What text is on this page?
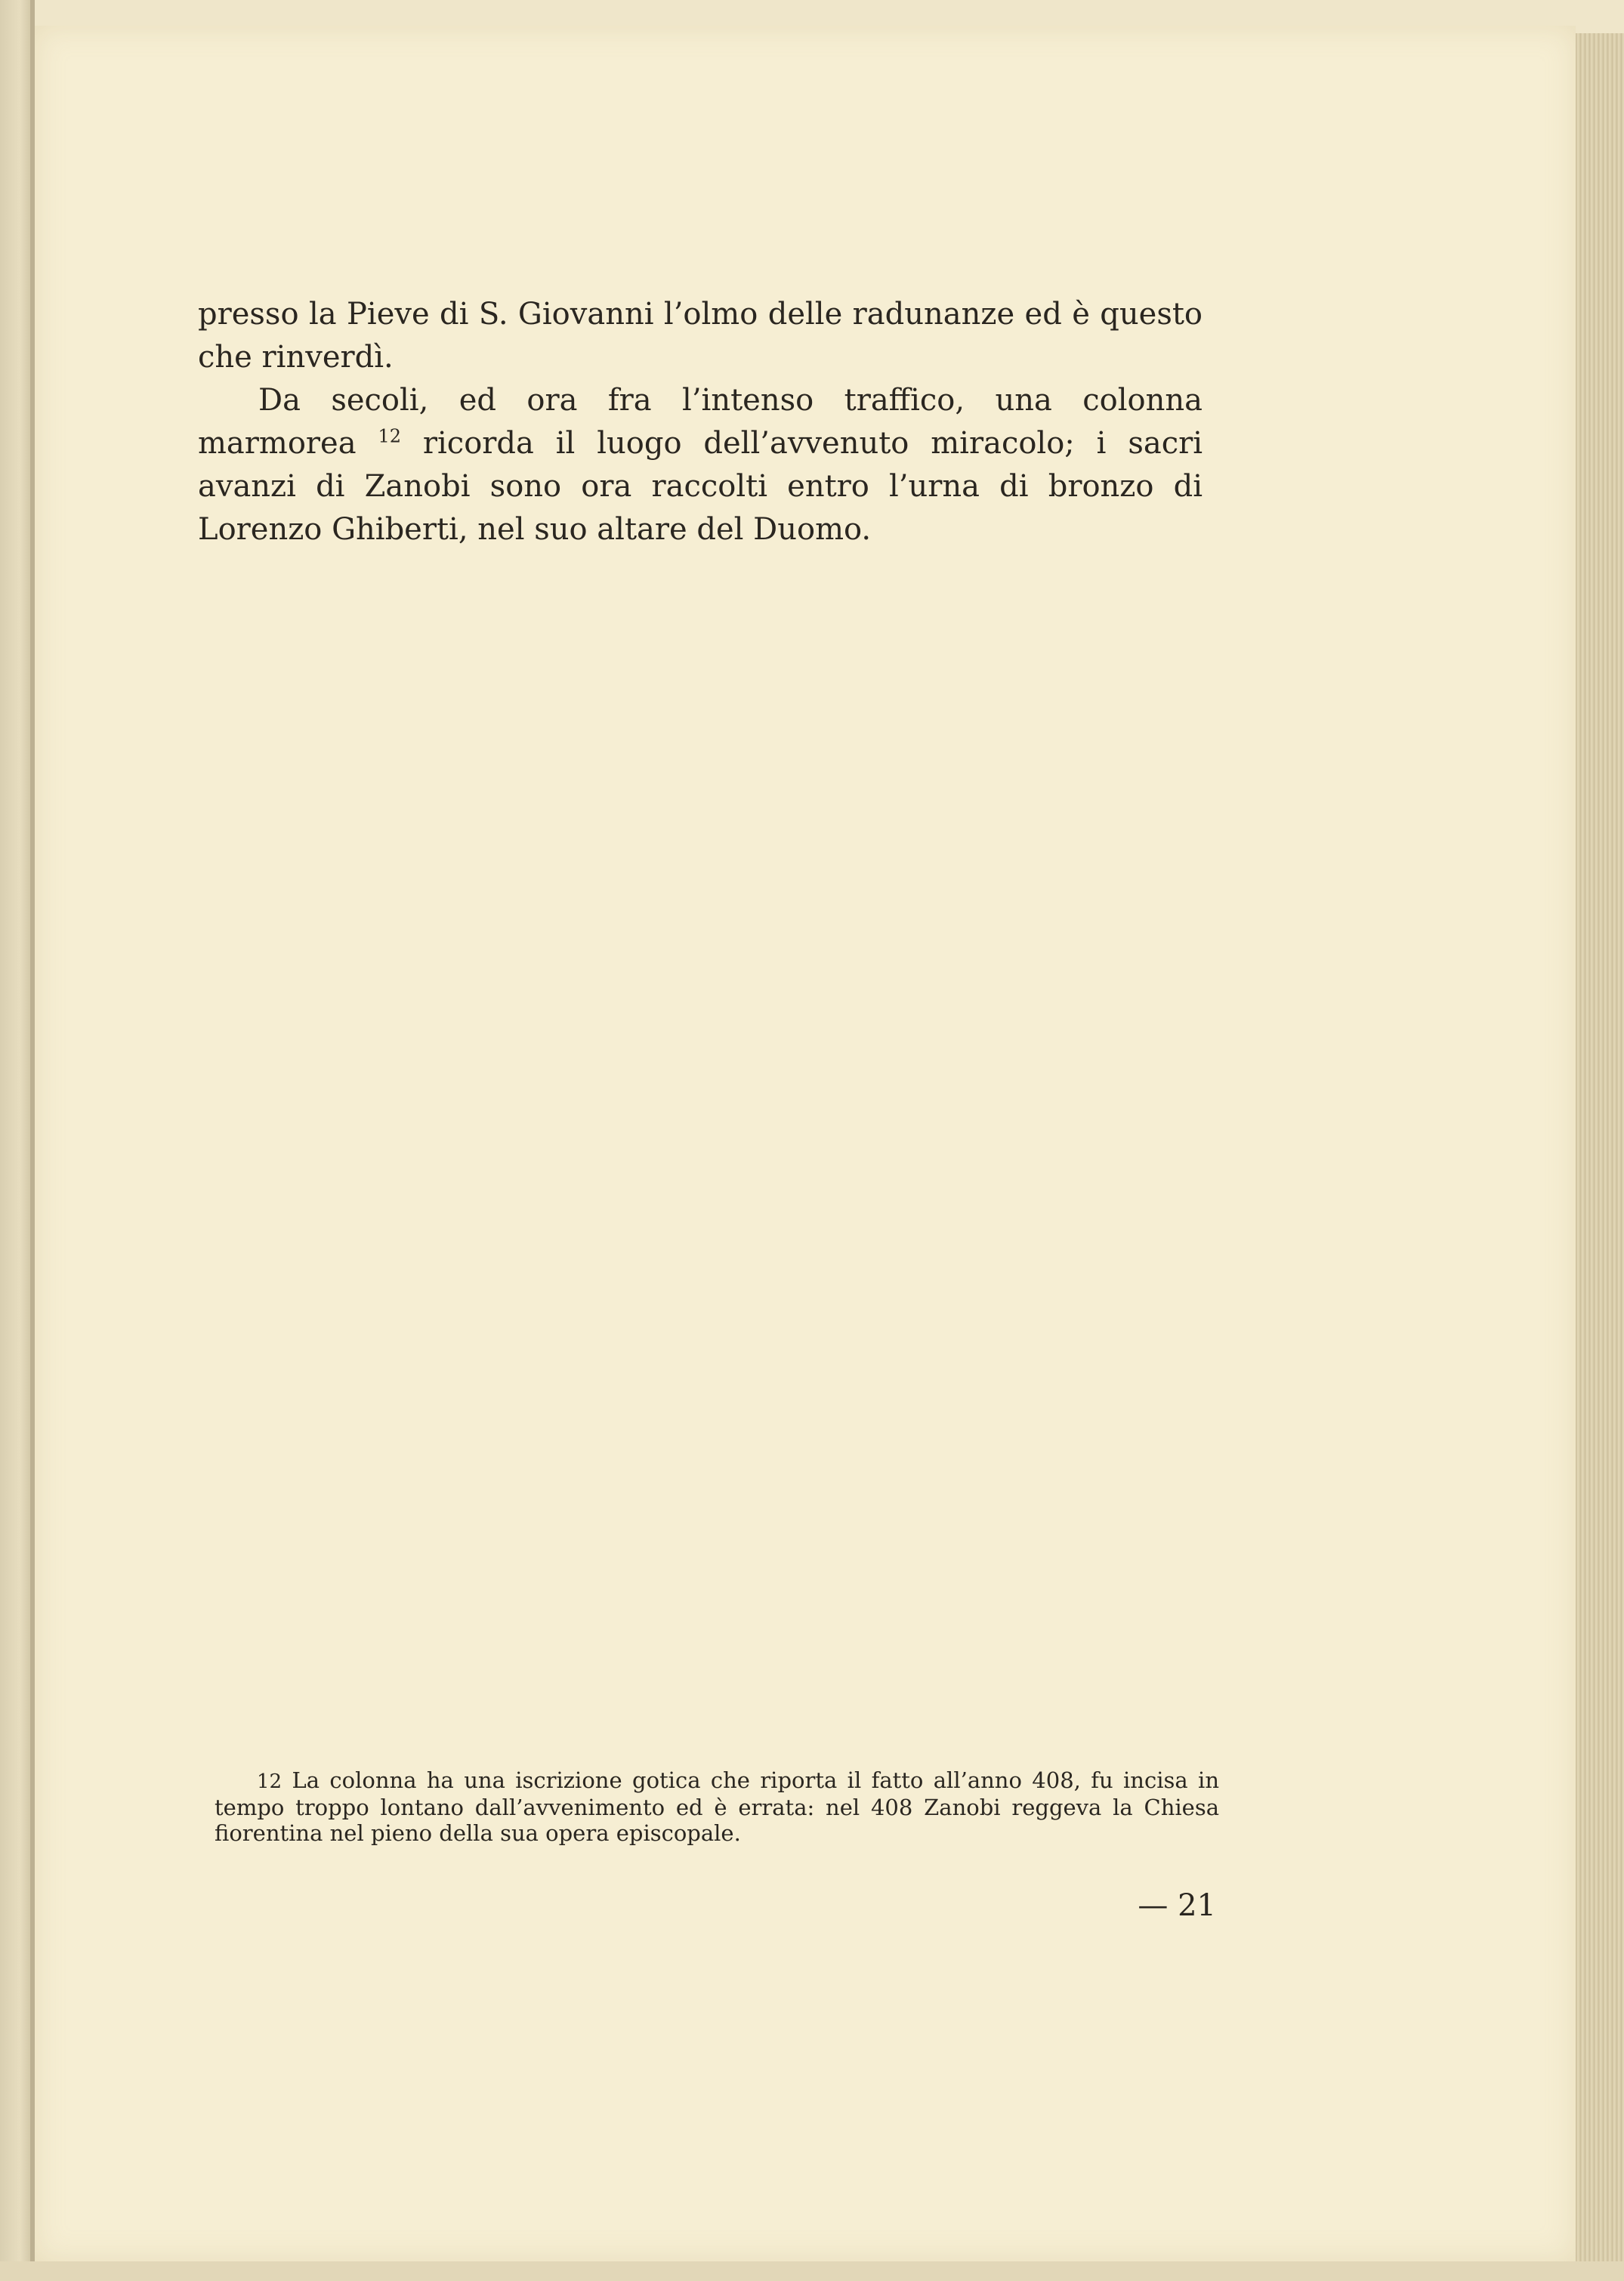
presso la Pieve di S. Giovanni l’olmo delle radunanze ed è questo che rinverdì.

Da secoli, ed ora fra l’intenso traffico, una colonna marmorea $^{12}$ ricorda il luogo dell’avvenuto miracolo; i sacri avanzi di Zanobi sono ora raccolti entro l’urna di bronzo di Lorenzo Ghiberti, nel suo altare del Duomo.

12 La colonna ha una iscrizione gotica che riporta il fatto all’anno 408, fu incisa in tempo troppo lontano dall’avvenimento ed è errata: nel 408 Zanobi reggeva la Chiesa fiorentina nel pieno della sua opera episcopale.

— 21
